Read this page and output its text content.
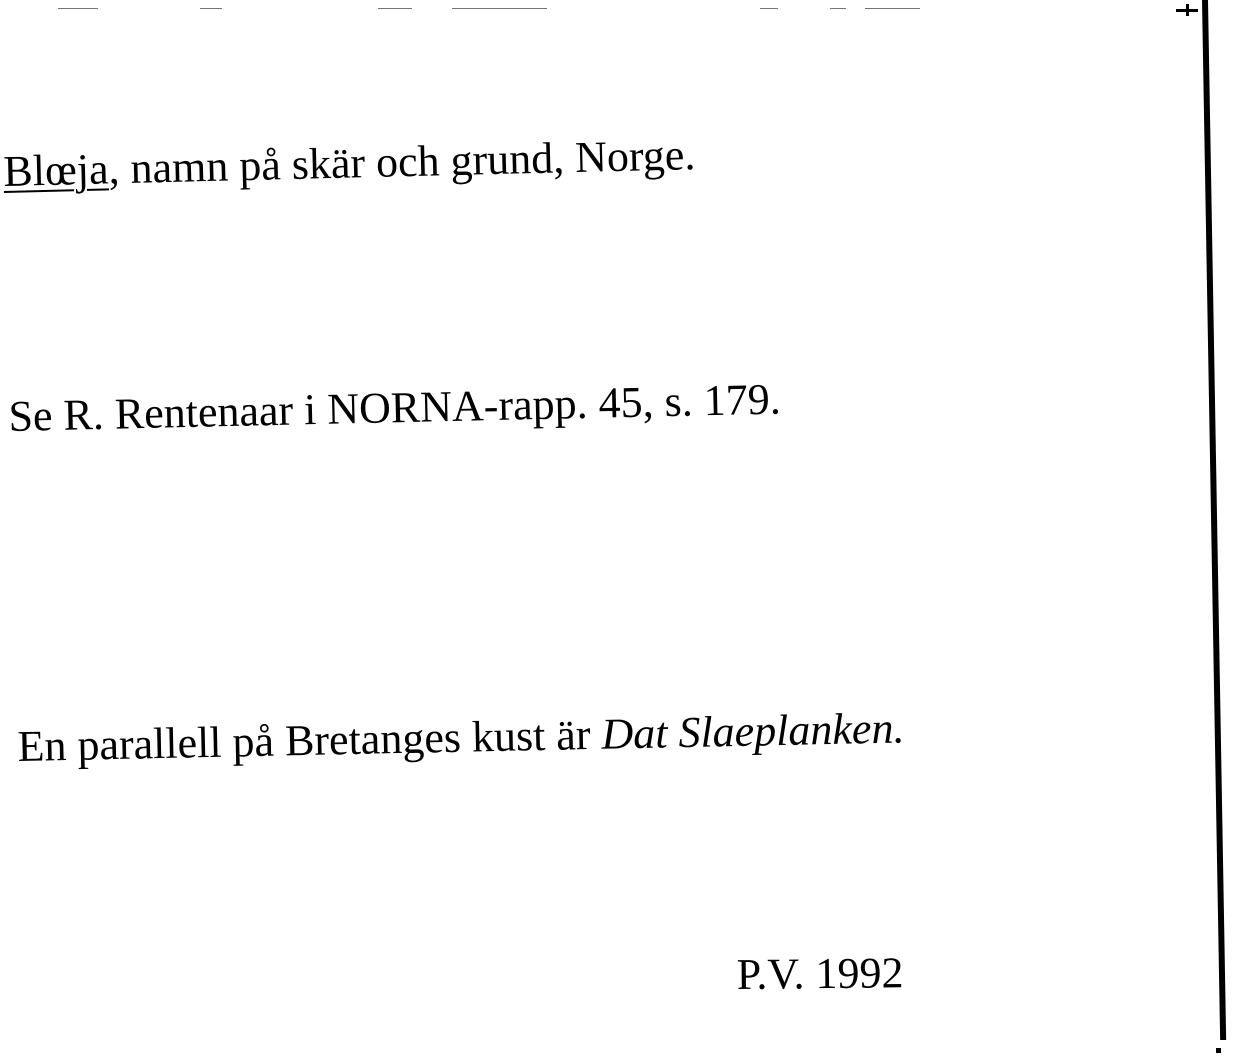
Blœja, namn på skär och grund, Norge.
Se R. Rentenaar i NORNA-rapp. 45, s. 179.
En parallell på Bretanges kust är Dat Slaeplanken.
P.V. 1992
